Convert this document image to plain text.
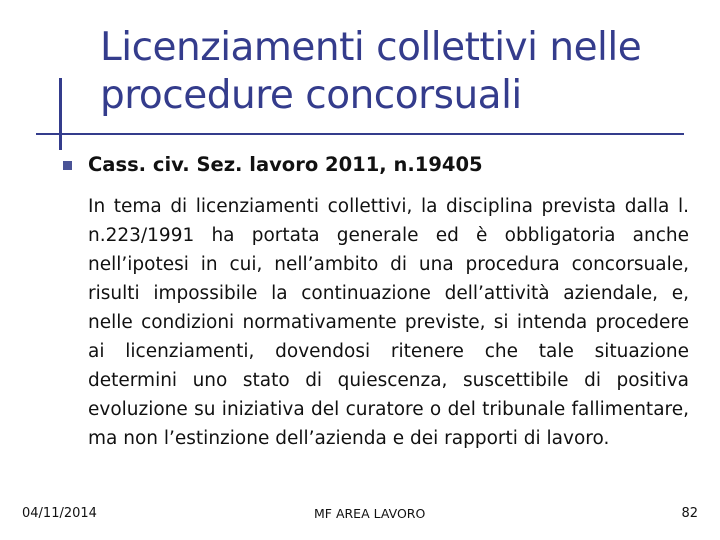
Licenziamenti collettivi nelle
procedure concorsuali
Cass. civ. Sez. lavoro 2011, n.19405

In tema di licenziamenti collettivi, la disciplina prevista dalla l. n.223/1991 ha portata generale ed è obbligatoria anche nell’ipotesi in cui, nell’ambito di una procedura concorsuale, risulti impossibile la continuazione dell’attività aziendale, e, nelle condizioni normativamente previste, si intenda procedere ai licenziamenti, dovendosi ritenere che tale situazione determini uno stato di quiescenza, suscettibile di positiva evoluzione su iniziativa del curatore o del tribunale fallimentare, ma non l’estinzione dell’azienda e dei rapporti di lavoro.

04/11/2014	MF AREA LAVORO	82
